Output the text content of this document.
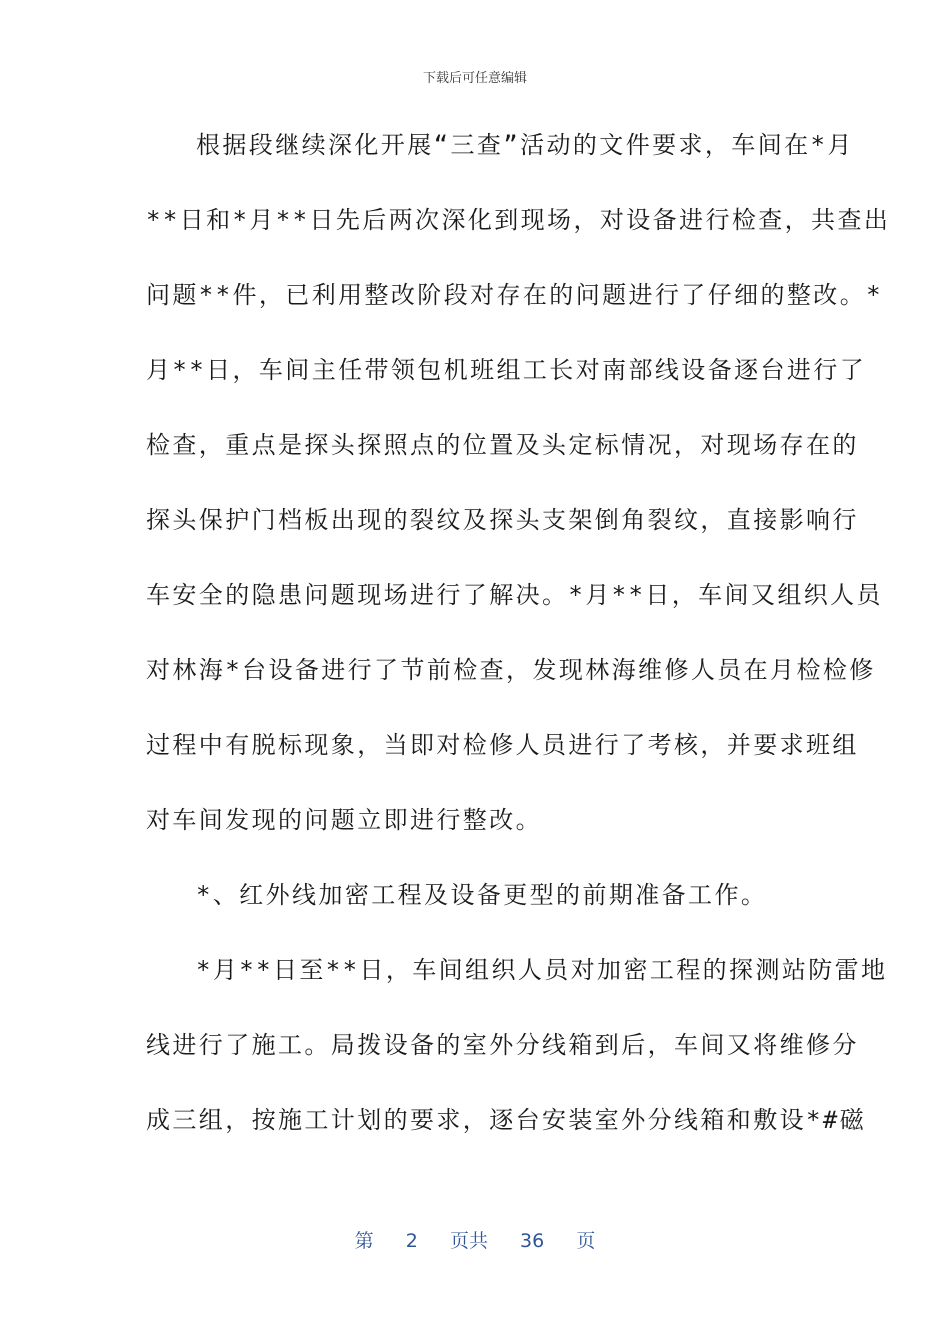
下载后可任意编辑
根据段继续深化开展“三查”活动的文件要求，车间在*月
**日和*月**日先后两次深化到现场，对设备进行检查，共查出
问题**件，已利用整改阶段对存在的问题进行了仔细的整改。*
月**日，车间主任带领包机班组工长对南部线设备逐台进行了
检查，重点是探头探照点的位置及头定标情况，对现场存在的
探头保护门档板出现的裂纹及探头支架倒角裂纹，直接影响行
车安全的隐患问题现场进行了解决。*月**日，车间又组织人员
对林海*台设备进行了节前检查，发现林海维修人员在月检检修
过程中有脱标现象，当即对检修人员进行了考核，并要求班组
对车间发现的问题立即进行整改。
*、红外线加密工程及设备更型的前期准备工作。
*月**日至**日，车间组织人员对加密工程的探测站防雷地
线进行了施工。局拨设备的室外分线箱到后，车间又将维修分
成三组，按施工计划的要求，逐台安装室外分线箱和敷设*#磁
第 2 页共 36 页
